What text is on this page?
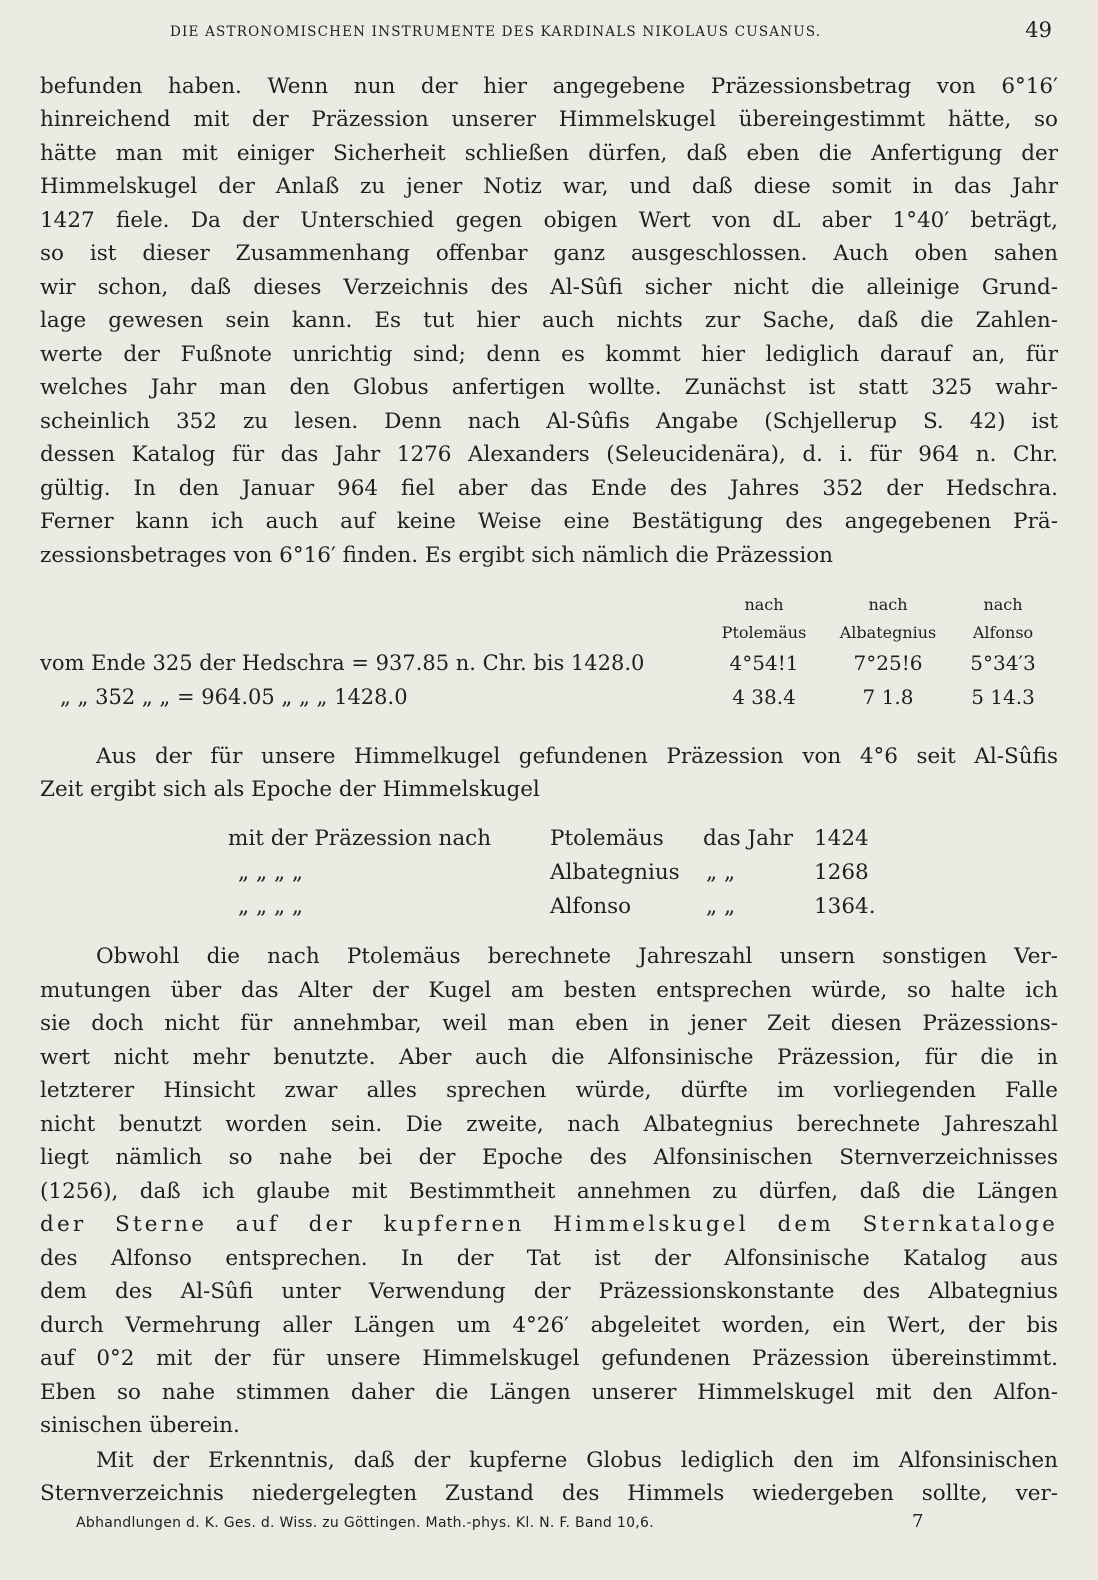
DIE ASTRONOMISCHEN INSTRUMENTE DES KARDINALS NIKOLAUS CUSANUS.	49
befunden haben. Wenn nun der hier angegebene Präzessionsbetrag von 6°16′
hinreichend mit der Präzession unserer Himmelskugel übereingestimmt hätte, so
hätte man mit einiger Sicherheit schließen dürfen, daß eben die Anfertigung der
Himmelskugel der Anlaß zu jener Notiz war, und daß diese somit in das Jahr
1427 fiele. Da der Unterschied gegen obigen Wert von dL aber 1°40′ beträgt,
so ist dieser Zusammenhang offenbar ganz ausgeschlossen. Auch oben sahen
wir schon, daß dieses Verzeichnis des Al-Sûfi sicher nicht die alleinige Grund-
lage gewesen sein kann. Es tut hier auch nichts zur Sache, daß die Zahlen-
werte der Fußnote unrichtig sind; denn es kommt hier lediglich darauf an, für
welches Jahr man den Globus anfertigen wollte. Zunächst ist statt 325 wahr-
scheinlich 352 zu lesen. Denn nach Al-Sûfis Angabe (Schjellerup S. 42) ist
dessen Katalog für das Jahr 1276 Alexanders (Seleucidenära), d. i. für 964 n. Chr.
gültig. In den Januar 964 fiel aber das Ende des Jahres 352 der Hedschra.
Ferner kann ich auch auf keine Weise eine Bestätigung des angegebenen Prä-
zessionsbetrages von 6°16′ finden. Es ergibt sich nämlich die Präzession
	nach	nach	nach
	Ptolemäus	Albategnius	Alfonso
vom Ende 325 der Hedschra = 937.85 n. Chr. bis 1428.0	4°54!1	7°25!6	5°34′3
„ „ 352 „ „ = 964.05 „ „ „ 1428.0	4 38.4	7 1.8	5 14.3
Aus der für unsere Himmelkugel gefundenen Präzession von 4°6 seit Al-Sûfis
Zeit ergibt sich als Epoche der Himmelskugel
mit der Präzession nach	Ptolemäus das Jahr 1424
„ „ „ „	Albategnius „ „	1268
„ „ „ „	Alfonso	„ „	1364.
Obwohl die nach Ptolemäus berechnete Jahreszahl unsern sonstigen Ver-
mutungen über das Alter der Kugel am besten entsprechen würde, so halte ich
sie doch nicht für annehmbar, weil man eben in jener Zeit diesen Präzessions-
wert nicht mehr benutzte. Aber auch die Alfonsinische Präzession, für die in
letzterer Hinsicht zwar alles sprechen würde, dürfte im vorliegenden Falle
nicht benutzt worden sein. Die zweite, nach Albategnius berechnete Jahreszahl
liegt nämlich so nahe bei der Epoche des Alfonsinischen Sternverzeichnisses
(1256), daß ich glaube mit Bestimmtheit annehmen zu dürfen, daß die Längen
der Sterne auf der kupfernen Himmelskugel dem Sternkataloge
des Alfonso entsprechen. In der Tat ist der Alfonsinische Katalog aus
dem des Al-Sûfi unter Verwendung der Präzessionskonstante des Albategnius
durch Vermehrung aller Längen um 4°26′ abgeleitet worden, ein Wert, der bis
auf 0°2 mit der für unsere Himmelskugel gefundenen Präzession übereinstimmt.
Eben so nahe stimmen daher die Längen unserer Himmelskugel mit den Alfon-
sinischen überein.
Mit der Erkenntnis, daß der kupferne Globus lediglich den im Alfonsinischen
Sternverzeichnis niedergelegten Zustand des Himmels wiedergeben sollte, ver-
Abhandlungen d. K. Ges. d. Wiss. zu Göttingen. Math.-phys. Kl. N. F. Band 10,6.	7
